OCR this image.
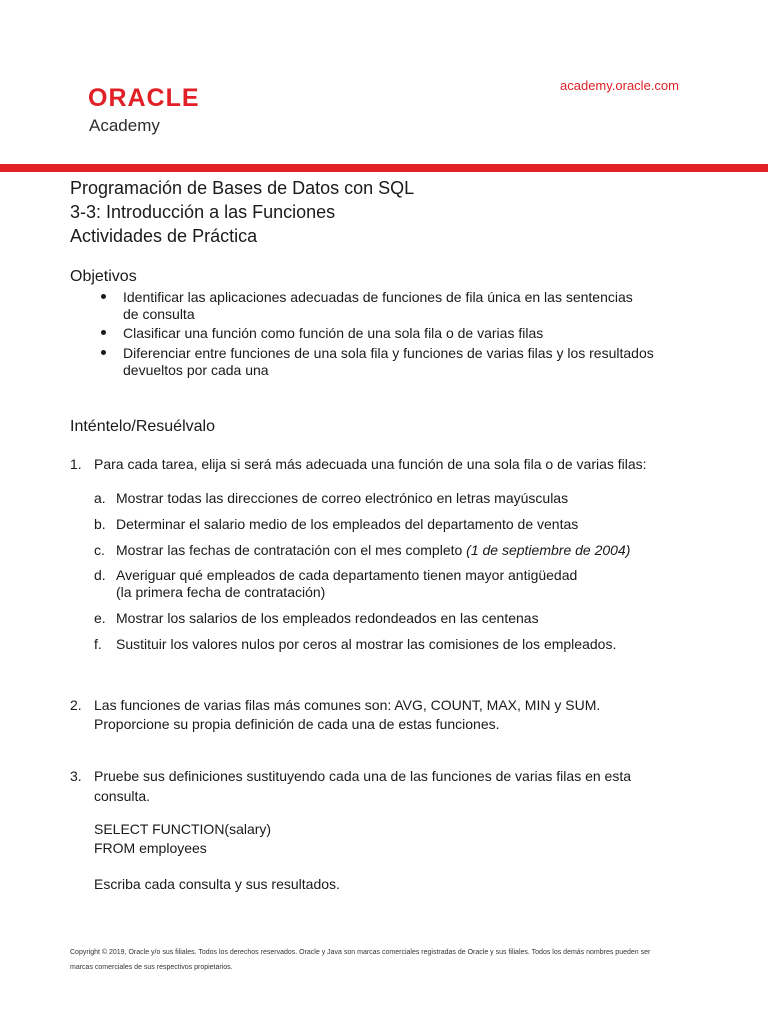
ORACLE
Academy
academy.oracle.com
Programación de Bases de Datos con SQL
3-3: Introducción a las Funciones
Actividades de Práctica
Objetivos
Identificar las aplicaciones adecuadas de funciones de fila única en las sentencias
de consulta
Clasificar una función como función de una sola fila o de varias filas
Diferenciar entre funciones de una sola fila y funciones de varias filas y los resultados
devueltos por cada una
Inténtelo/Resuélvalo
1. Para cada tarea, elija si será más adecuada una función de una sola fila o de varias filas:
a. Mostrar todas las direcciones de correo electrónico en letras mayúsculas
b. Determinar el salario medio de los empleados del departamento de ventas
c. Mostrar las fechas de contratación con el mes completo (1 de septiembre de 2004)
d. Averiguar qué empleados de cada departamento tienen mayor antigüedad
(la primera fecha de contratación)
e. Mostrar los salarios de los empleados redondeados en las centenas
f. Sustituir los valores nulos por ceros al mostrar las comisiones de los empleados.
2. Las funciones de varias filas más comunes son: AVG, COUNT, MAX, MIN y SUM.
Proporcione su propia definición de cada una de estas funciones.
3. Pruebe sus definiciones sustituyendo cada una de las funciones de varias filas en esta
consulta.
SELECT FUNCTION(salary)
FROM employees
Escriba cada consulta y sus resultados.
Copyright © 2019, Oracle y/o sus filiales. Todos los derechos reservados. Oracle y Java son marcas comerciales registradas de Oracle y sus filiales. Todos los demás nombres pueden ser
marcas comerciales de sus respectivos propietarios.
